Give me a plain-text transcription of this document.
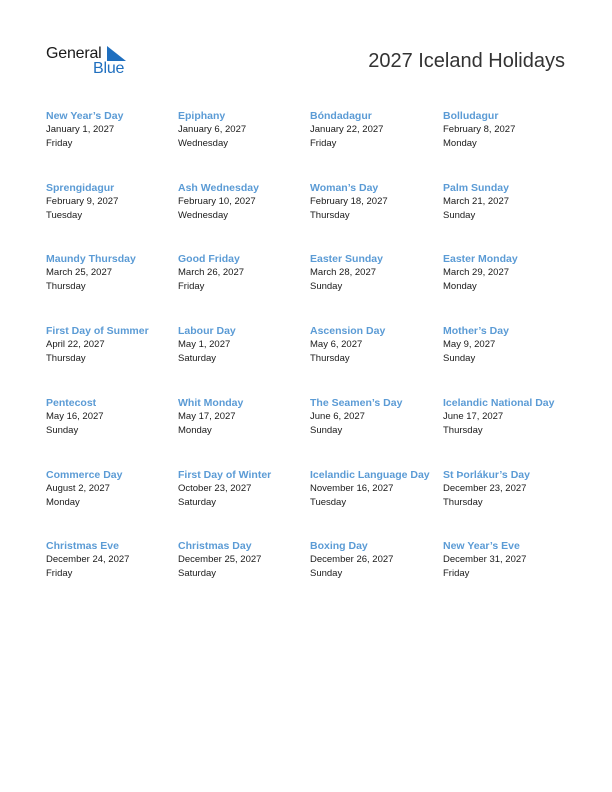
General
Blue	2027 Iceland Holidays
New Year’s Day
January 1, 2027
Friday
Epiphany
January 6, 2027
Wednesday
Bóndadagur
January 22, 2027
Friday
Bolludagur
February 8, 2027
Monday
Sprengidagur
February 9, 2027
Tuesday
Ash Wednesday
February 10, 2027
Wednesday
Woman’s Day
February 18, 2027
Thursday
Palm Sunday
March 21, 2027
Sunday
Maundy Thursday
March 25, 2027
Thursday
Good Friday
March 26, 2027
Friday
Easter Sunday
March 28, 2027
Sunday
Easter Monday
March 29, 2027
Monday
First Day of Summer
April 22, 2027
Thursday
Labour Day
May 1, 2027
Saturday
Ascension Day
May 6, 2027
Thursday
Mother’s Day
May 9, 2027
Sunday
Pentecost
May 16, 2027
Sunday
Whit Monday
May 17, 2027
Monday
The Seamen’s Day
June 6, 2027
Sunday
Icelandic National Day
June 17, 2027
Thursday
Commerce Day
August 2, 2027
Monday
First Day of Winter
October 23, 2027
Saturday
Icelandic Language Day
November 16, 2027
Tuesday
St Þorlákur’s Day
December 23, 2027
Thursday
Christmas Eve
December 24, 2027
Friday
Christmas Day
December 25, 2027
Saturday
Boxing Day
December 26, 2027
Sunday
New Year’s Eve
December 31, 2027
Friday
